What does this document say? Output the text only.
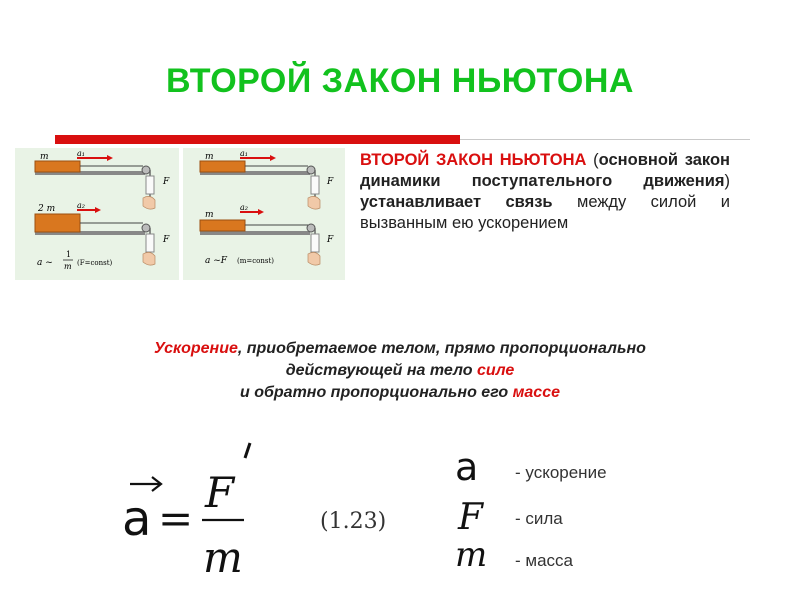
ВТОРОЙ ЗАКОН НЬЮТОНА
m	a₁
F
2 m	a₂
F
a ~
1
m (F=const)
m	a₁
F
m
a₂
F
a ~F (m=const)
ВТОРОЙ ЗАКОН НЬЮТОНА (основной закон динамики поступательного движения) устанавливает связь между силой и вызванным ею ускорением
Ускорение, приобретаемое телом, прямо пропорционально
действующей на тело силе
и обратно пропорционально его массе
a =
F
m
(1.23)
a - ускорение
F - сила
m - масса
